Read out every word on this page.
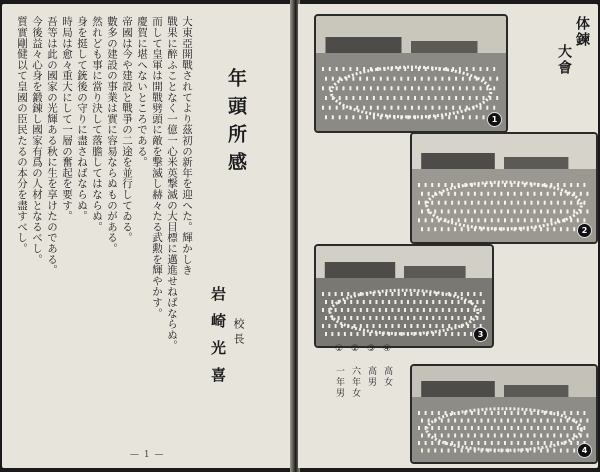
大東亞開戰されてより茲初の新年を迎へた。輝かしき
戰果に醉ふことなく一億一心米英撃滅の大目標に邁進せねばならぬ。
而して皇軍は開戰劈頭に敵を撃滅し赫々たる武勲を輝やかす。
慶賀に堪へないところである。
帝國は今や建設と戰爭の二途を並行してゐる。
數多の建設の事業は實に容易ならぬものがある。
然れども事に當り決して落膽してはならぬ。
身を挺して銃後の守りに盡さねばならぬ。
時局は愈々重大にして一層の奮起を要す。
吾等は此の國家の光輝ある秋に生を享けたのである。
今後益々心身を鍛錬し國家有爲の人材となるべし。
質實剛健以て皇國の臣民たるの本分を盡すべし。	年頭所感
校長
岩崎光喜
— 1 —
体鍊
大會
1
2
3
4
①一年男
②六年女
③高男
④高女
